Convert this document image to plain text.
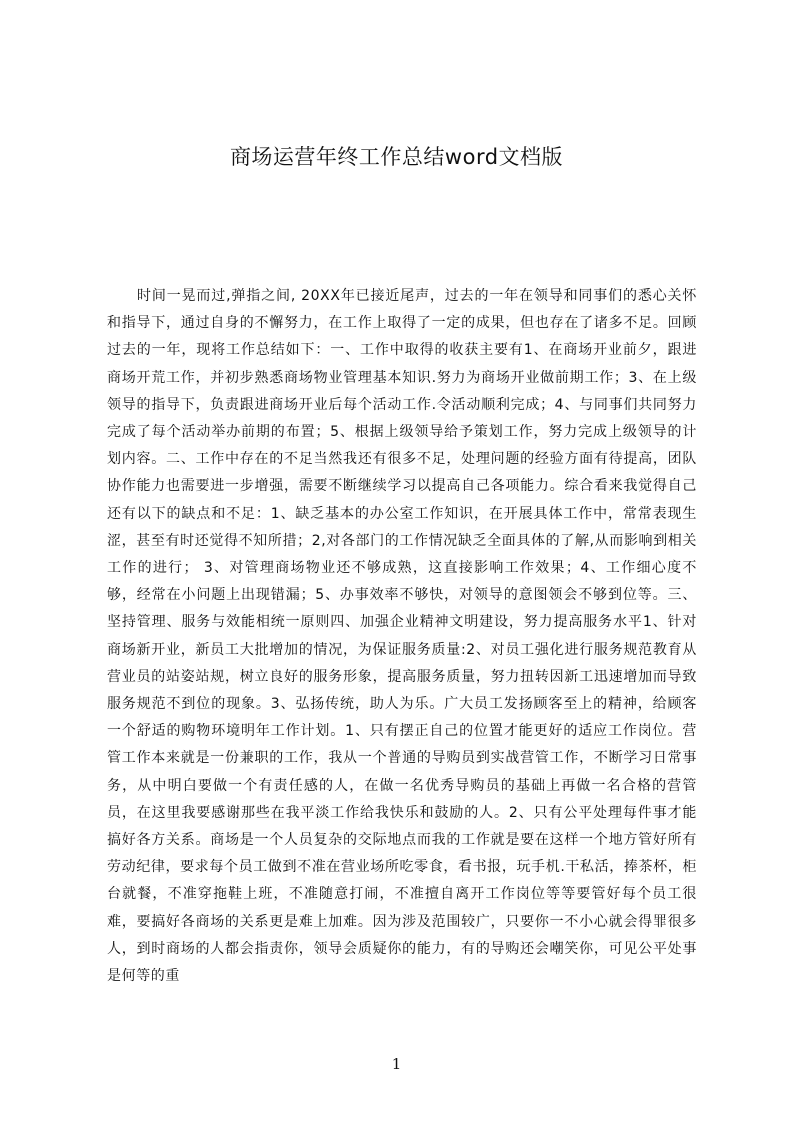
商场运营年终工作总结word文档版

时间一晃而过,弹指之间, 20XX年已接近尾声，过去的一年在领导和同事们的悉心关怀和指导下，通过自身的不懈努力，在工作上取得了一定的成果，但也存在了诸多不足。回顾过去的一年，现将工作总结如下：一、工作中取得的收获主要有1、在商场开业前夕，跟进商场开荒工作，并初步熟悉商场物业管理基本知识.努力为商场开业做前期工作；3、在上级领导的指导下，负责跟进商场开业后每个活动工作.令活动顺利完成；4、与同事们共同努力完成了每个活动举办前期的布置；5、根据上级领导给予策划工作，努力完成上级领导的计划内容。二、工作中存在的不足当然我还有很多不足，处理问题的经验方面有待提高，团队协作能力也需要进一步增强，需要不断继续学习以提高自己各项能力。综合看来我觉得自己还有以下的缺点和不足：1、缺乏基本的办公室工作知识，在开展具体工作中，常常表现生涩，甚至有时还觉得不知所措；2,对各部门的工作情况缺乏全面具体的了解,从而影响到相关工作的进行； 3、对管理商场物业还不够成熟，这直接影响工作效果；4、工作细心度不够，经常在小问题上出现错漏；5、办事效率不够快，对领导的意图领会不够到位等。三、坚持管理、服务与效能相统一原则四、加强企业精神文明建设，努力提高服务水平1、针对商场新开业，新员工大批增加的情况，为保证服务质量:2、对员工强化进行服务规范教育从营业员的站姿站规，树立良好的服务形象，提高服务质量，努力扭转因新工迅速增加而导致服务规范不到位的现象。3、弘扬传统，助人为乐。广大员工发扬顾客至上的精神，给顾客一个舒适的购物环境明年工作计划。1、只有摆正自己的位置才能更好的适应工作岗位。营管工作本来就是一份兼职的工作，我从一个普通的导购员到实战营管工作，不断学习日常事务，从中明白要做一个有责任感的人，在做一名优秀导购员的基础上再做一名合格的营管员，在这里我要感谢那些在我平淡工作给我快乐和鼓励的人。2、只有公平处理每件事才能搞好各方关系。商场是一个人员复杂的交际地点而我的工作就是要在这样一个地方管好所有劳动纪律，要求每个员工做到不准在营业场所吃零食，看书报，玩手机.干私活，捧茶杯，柜台就餐，不准穿拖鞋上班，不准随意打闹，不准擅自离开工作岗位等等要管好每个员工很难，要搞好各商场的关系更是难上加难。因为涉及范围较广，只要你一不小心就会得罪很多人，到时商场的人都会指责你，领导会质疑你的能力，有的导购还会嘲笑你，可见公平处事是何等的重

1
